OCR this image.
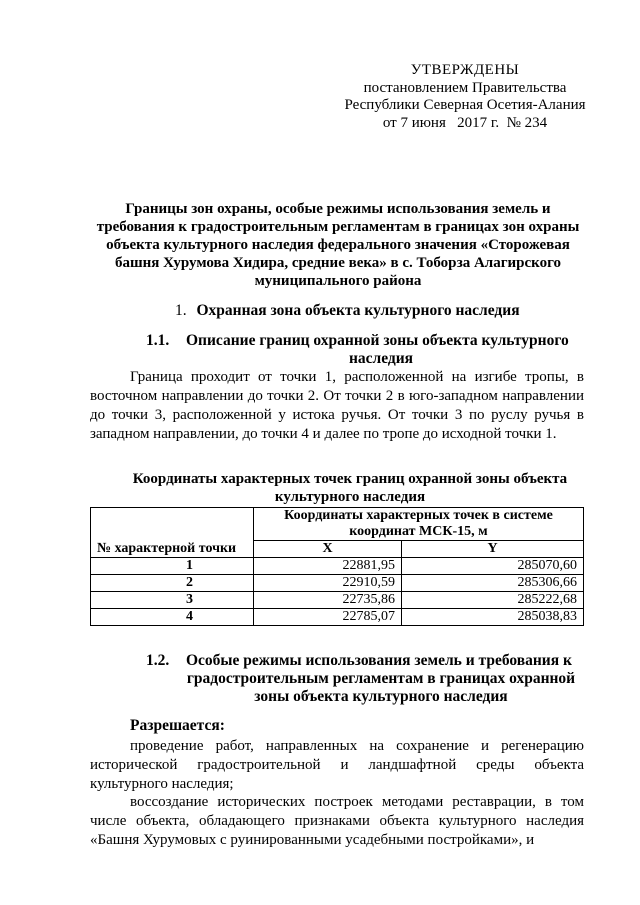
УТВЕРЖДЕНЫ
постановлением Правительства
Республики Северная Осетия-Алания
от 7 июня   2017 г.  № 234
Границы зон охраны, особые режимы использования земель и требования к градостроительным регламентам в границах зон охраны объекта культурного наследия федерального значения «Сторожевая башня Хурумова Хидира, средние века» в с. Тоборза Алагирского муниципального района
1. Охранная зона объекта культурного наследия
1.1.	Описание границ охранной зоны объекта культурного
наследия
Граница проходит от точки 1, расположенной на изгибе тропы, в восточном направлении до точки 2. От точки 2 в юго-западном направлении до точки 3, расположенной у истока ручья. От точки 3 по руслу ручья в западном направлении, до точки 4 и далее по тропе до исходной точки 1.
Координаты характерных точек границ охранной зоны объекта культурного наследия
№ характерной точки	Координаты характерных точек в системе координат МСК-15, м	
	X	Y
1	22881,95	285070,60
2	22910,59	285306,66
3	22735,86	285222,68
4	22785,07	285038,83
1.2.	Особые режимы использования земель и требования к
градостроительным регламентам в границах охранной
зоны объекта культурного наследия
Разрешается:
проведение работ, направленных на сохранение и регенерацию исторической градостроительной и ландшафтной среды объекта культурного наследия;
воссоздание исторических построек методами реставрации, в том числе объекта, обладающего признаками объекта культурного наследия «Башня Хурумовых с руинированными усадебными постройками», и
